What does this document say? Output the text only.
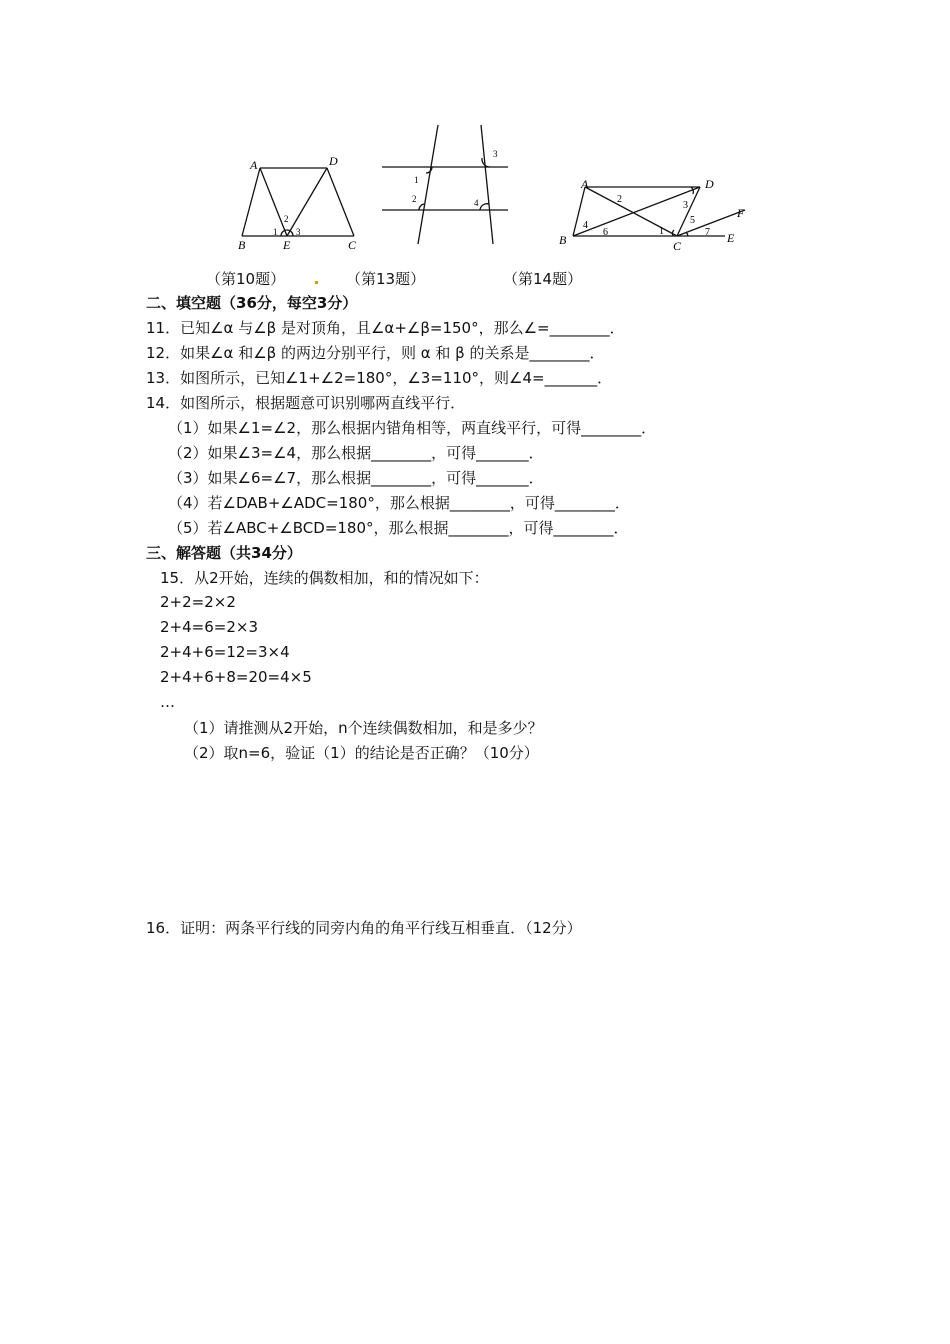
A	D
B	E	C
1
2
3
1
2
3
4
A	D
B	C
E
F
2
3
4	5
6	1	7
（第10题）	（第13题）	（第14题）
二、填空题（36分，每空3分）
11．已知∠α 与∠β 是对顶角，且∠α+∠β=150°，那么∠=________．
12．如果∠α 和∠β 的两边分别平行，则 α 和 β 的关系是________．
13．如图所示，已知∠1+∠2=180°，∠3=110°，则∠4=_______．
14．如图所示，根据题意可识别哪两直线平行．
（1）如果∠1=∠2，那么根据内错角相等，两直线平行，可得________．
（2）如果∠3=∠4，那么根据________，可得_______．
（3）如果∠6=∠7，那么根据________，可得_______．
（4）若∠DAB+∠ADC=180°，那么根据________，可得________．
（5）若∠ABC+∠BCD=180°，那么根据________，可得________．
三、解答题（共34分）
15．从2开始，连续的偶数相加，和的情况如下：
2+2=2×2
2+4=6=2×3
2+4+6=12=3×4
2+4+6+8=20=4×5
…
（1）请推测从2开始，n个连续偶数相加，和是多少？
（2）取n=6，验证（1）的结论是否正确？（10分）
16．证明：两条平行线的同旁内角的角平行线互相垂直．（12分）
